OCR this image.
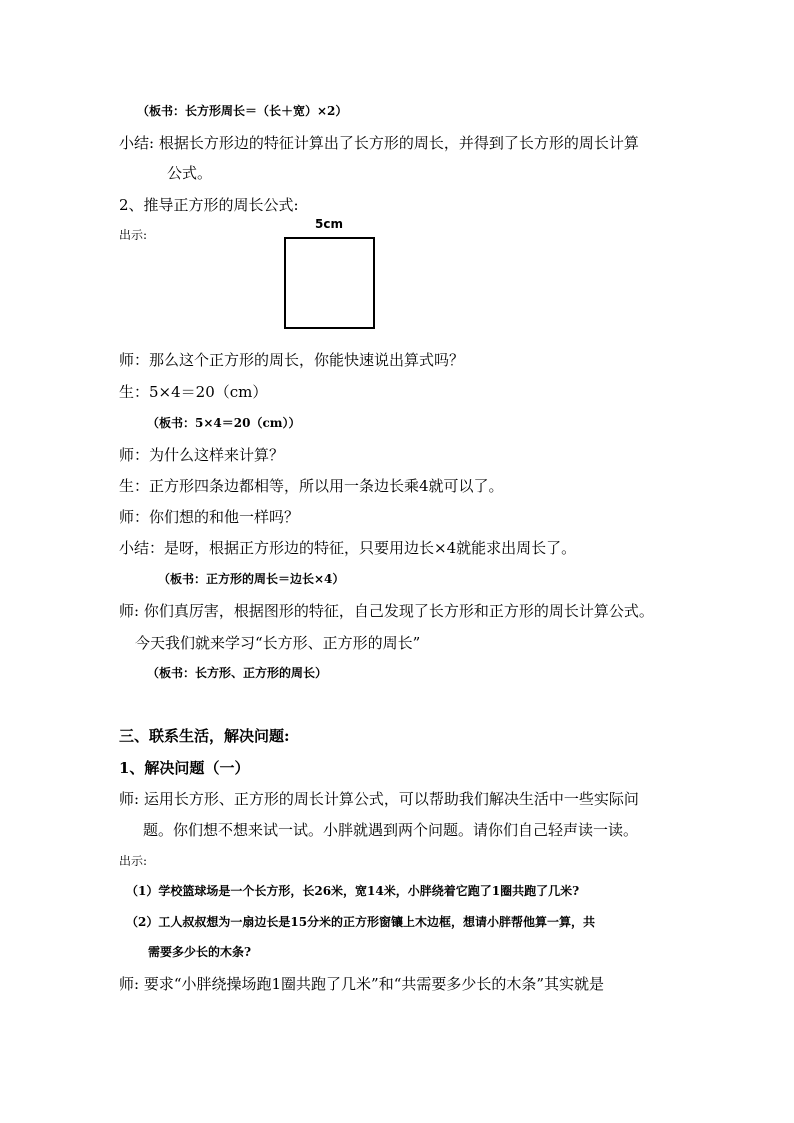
（板书：长方形周长＝（长＋宽）×2）
小结: 根据长方形边的特征计算出了长方形的周长，并得到了长方形的周长计算
公式。
2、推导正方形的周长公式:
出示:
5cm
师：那么这个正方形的周长，你能快速说出算式吗？
生：5×4＝20（cm）
（板书：5×4＝20（cm））
师：为什么这样来计算？
生：正方形四条边都相等，所以用一条边长乘4就可以了。
师：你们想的和他一样吗？
小结：是呀，根据正方形边的特征，只要用边长×4就能求出周长了。
（板书：正方形的周长＝边长×4）
师: 你们真厉害，根据图形的特征，自己发现了长方形和正方形的周长计算公式。
今天我们就来学习“长方形、正方形的周长”
（板书：长方形、正方形的周长）
三、联系生活，解决问题:
1、解决问题（一）
师: 运用长方形、正方形的周长计算公式，可以帮助我们解决生活中一些实际问
题。你们想不想来试一试。小胖就遇到两个问题。请你们自己轻声读一读。
出示:
（1）学校篮球场是一个长方形，长26米，宽14米，小胖绕着它跑了1圈共跑了几米?
（2）工人叔叔想为一扇边长是15分米的正方形窗镶上木边框，想请小胖帮他算一算，共
需要多少长的木条?
师: 要求“小胖绕操场跑1圈共跑了几米”和“共需要多少长的木条”其实就是
